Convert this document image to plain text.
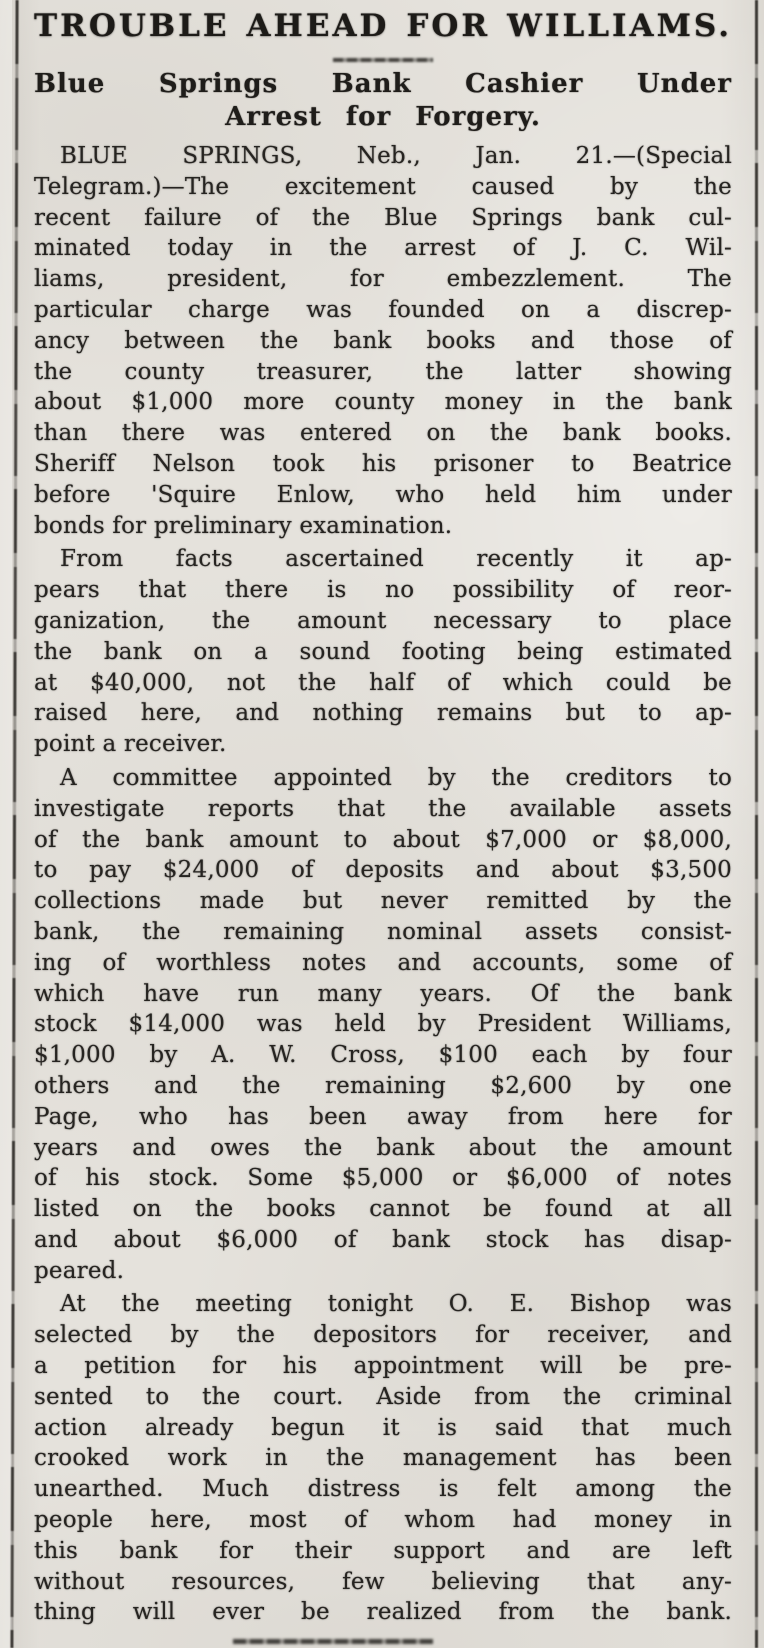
TROUBLE AHEAD FOR WILLIAMS.
Blue Springs Bank Cashier Under
Arrest for Forgery.
BLUE SPRINGS, Neb., Jan. 21.—(Special
Telegram.)—The excitement caused by the
recent failure of the Blue Springs bank cul-
minated today in the arrest of J. C. Wil-
liams, president, for embezzlement. The
particular charge was founded on a discrep-
ancy between the bank books and those of
the county treasurer, the latter showing
about $1,000 more county money in the bank
than there was entered on the bank books.
Sheriff Nelson took his prisoner to Beatrice
before 'Squire Enlow, who held him under
bonds for preliminary examination.
From facts ascertained recently it ap-
pears that there is no possibility of reor-
ganization, the amount necessary to place
the bank on a sound footing being estimated
at $40,000, not the half of which could be
raised here, and nothing remains but to ap-
point a receiver.
A committee appointed by the creditors to
investigate reports that the available assets
of the bank amount to about $7,000 or $8,000,
to pay $24,000 of deposits and about $3,500
collections made but never remitted by the
bank, the remaining nominal assets consist-
ing of worthless notes and accounts, some of
which have run many years. Of the bank
stock $14,000 was held by President Williams,
$1,000 by A. W. Cross, $100 each by four
others and the remaining $2,600 by one
Page, who has been away from here for
years and owes the bank about the amount
of his stock. Some $5,000 or $6,000 of notes
listed on the books cannot be found at all
and about $6,000 of bank stock has disap-
peared.
At the meeting tonight O. E. Bishop was
selected by the depositors for receiver, and
a petition for his appointment will be pre-
sented to the court. Aside from the criminal
action already begun it is said that much
crooked work in the management has been
unearthed. Much distress is felt among the
people here, most of whom had money in
this bank for their support and are left
without resources, few believing that any-
thing will ever be realized from the bank.
